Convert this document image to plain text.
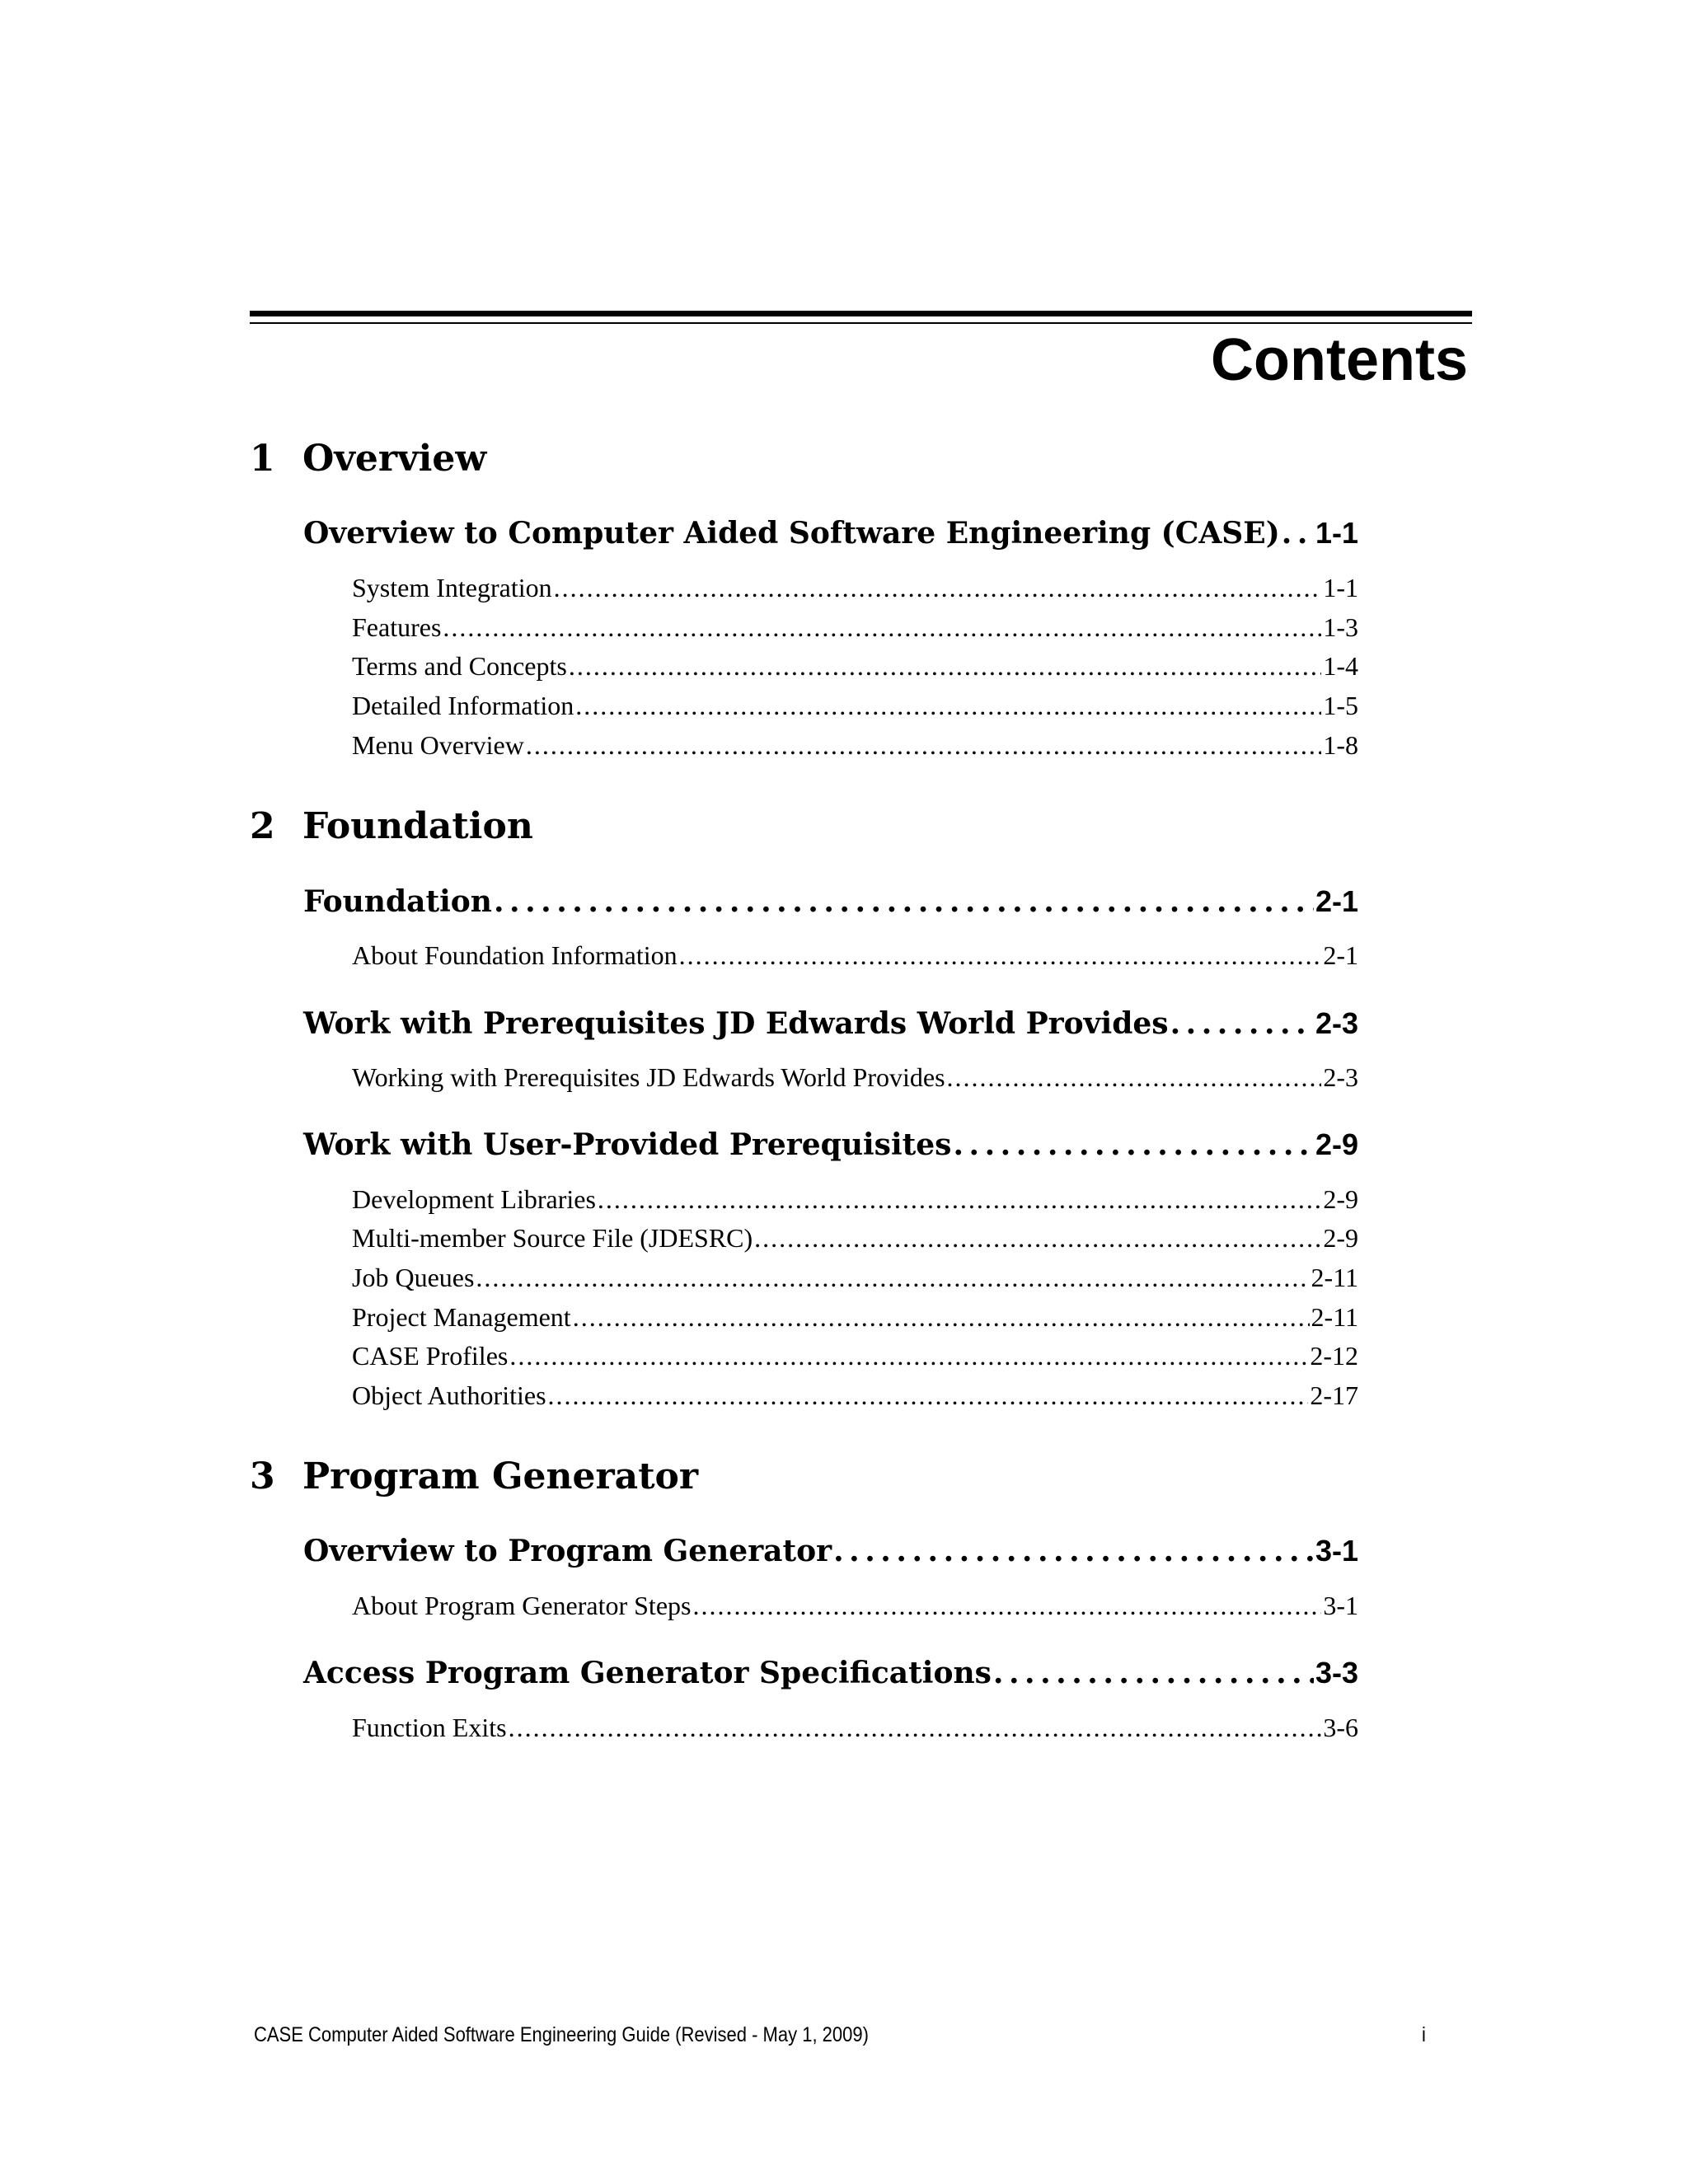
Contents
1 Overview
Overview to Computer Aided Software Engineering (CASE) . . . 1-1
System Integration . . .	1-1
Features . . .	1-3
Terms and Concepts . . .	1-4
Detailed Information . . .	1-5
Menu Overview . . .	1-8
2 Foundation
Foundation . . .	2-1
About Foundation Information . . .	2-1
Work with Prerequisites JD Edwards World Provides . . .	2-3
Working with Prerequisites JD Edwards World Provides . . .	2-3
Work with User-Provided Prerequisites . . .	2-9
Development Libraries . . .	2-9
Multi-member Source File (JDESRC) . . .	2-9
Job Queues . . .	2-11
Project Management . . .	2-11
CASE Profiles . . .	2-12
Object Authorities . . .	2-17
3 Program Generator
Overview to Program Generator . . .	3-1
About Program Generator Steps . . .	3-1
Access Program Generator Specifications . . .	3-3
Function Exits . . .	3-6
CASE Computer Aided Software Engineering Guide (Revised - May 1, 2009)	i
